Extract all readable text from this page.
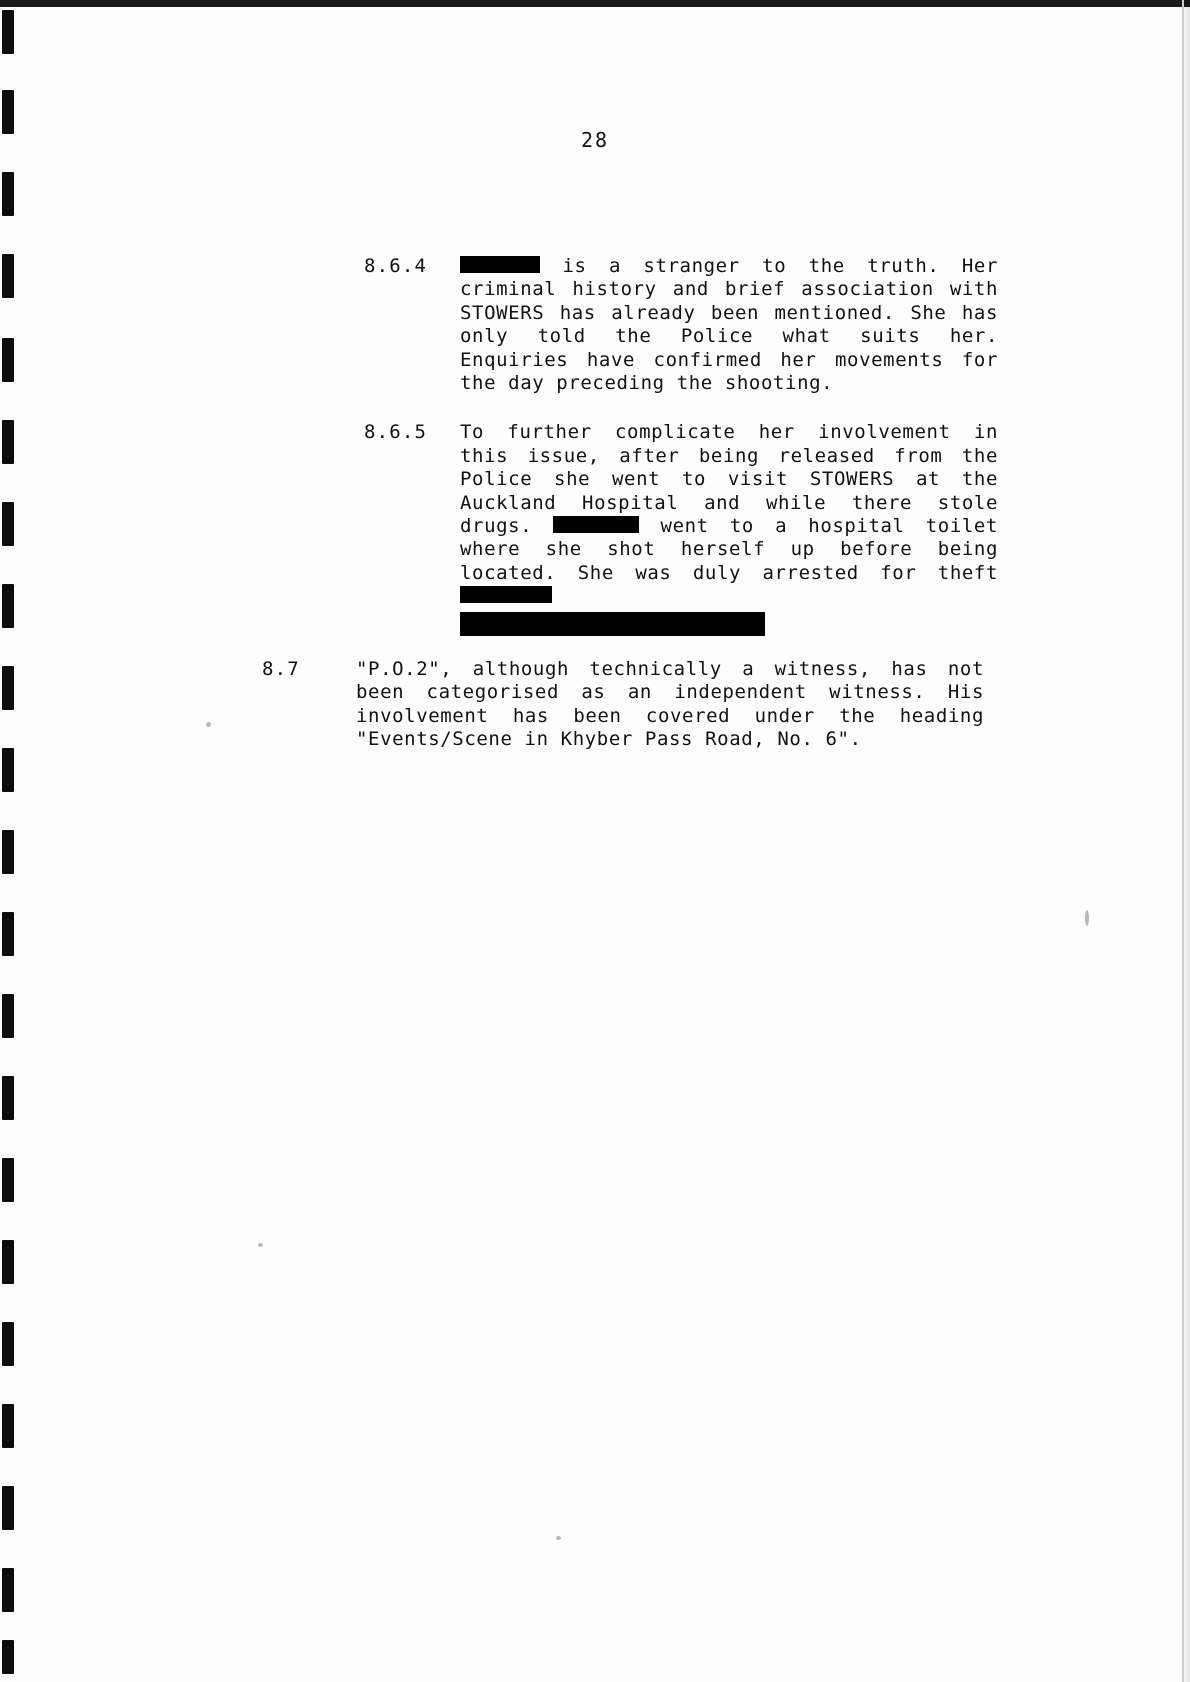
28
8.6.4	is a stranger to the truth. Her criminal history and brief association with STOWERS has already been mentioned. She has only told the Police what suits her. Enquiries have confirmed her movements for the day preceding the shooting.
8.6.5	To further complicate her involvement in this issue, after being released from the Police she went to visit STOWERS at the Auckland Hospital and while there stole drugs.	went to a hospital toilet where she shot herself up before being located. She was duly arrested for theft
8.7	"P.O.2", although technically a witness, has not been categorised as an independent witness. His involvement has been covered under the heading "Events/Scene in Khyber Pass Road, No. 6".
